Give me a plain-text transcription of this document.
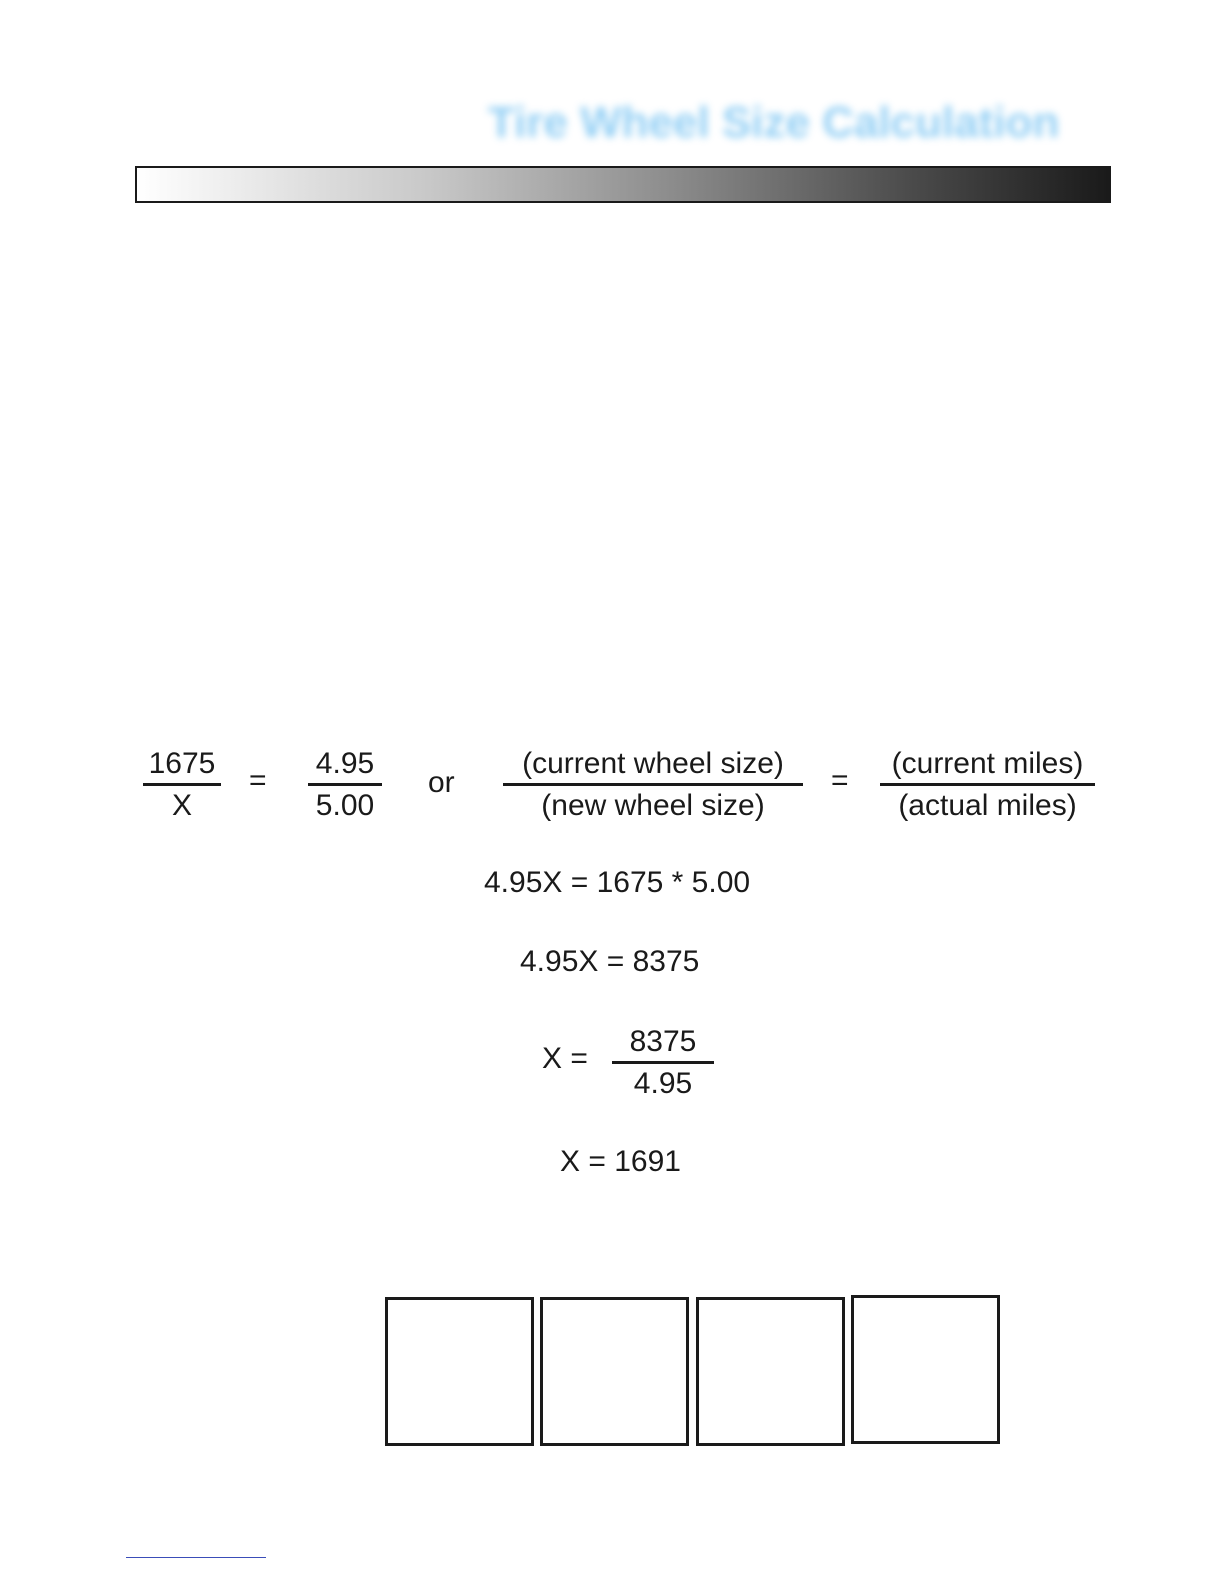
Tire Wheel Size Calculation
$\frac{1675}{X} = \frac{4.95}{5.00}$ or
(current wheel size)
(new wheel size)
=
(current miles)
(actual miles)
4.95X = 1675 * 5.00
4.95X = 8375
$X = \frac{8375}{4.95}$
X = 1691
